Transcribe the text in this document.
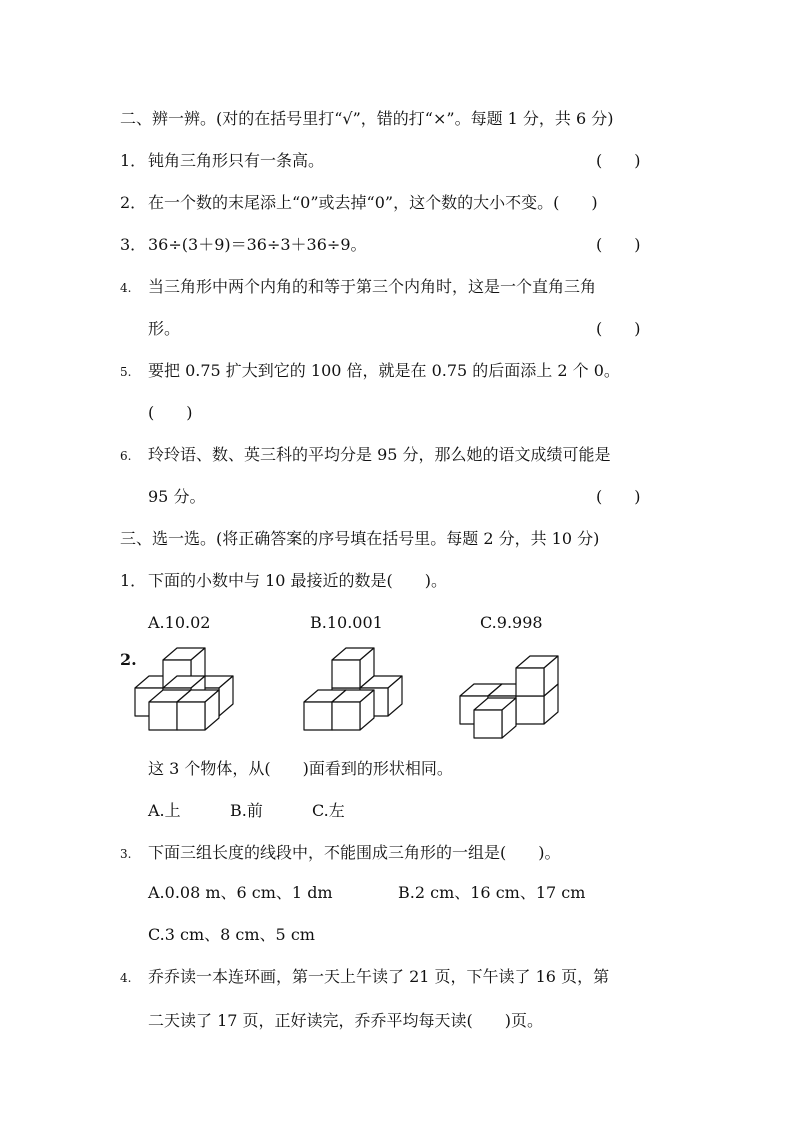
二、辨一辨。(对的在括号里打“√”，错的打“×”。每题 1 分，共 6 分)
1． 钝角三角形只有一条高。	(　　)
2． 在一个数的末尾添上“0”或去掉“0”，这个数的大小不变。(　　)
3． 36÷(3＋9)＝36÷3＋36÷9。	(　　)
4. 当三角形中两个内角的和等于第三个内角时，这是一个直角三角
形。	(　　)
5. 要把 0.75 扩大到它的 100 倍，就是在 0.75 的后面添上 2 个 0。
(　　)
6. 玲玲语、数、英三科的平均分是 95 分，那么她的语文成绩可能是
95 分。	(　　)
三、选一选。(将正确答案的序号填在括号里。每题 2 分，共 10 分)
1． 下面的小数中与 10 最接近的数是(　　)。
A.10.02	B.10.001	C.9.998
2.
这 3 个物体，从(　　)面看到的形状相同。
A.上	B.前	C.左
3. 下面三组长度的线段中，不能围成三角形的一组是(　　)。
A.0.08 m、6 cm、1 dm	B.2 cm、16 cm、17 cm
C.3 cm、8 cm、5 cm
4. 乔乔读一本连环画，第一天上午读了 21 页，下午读了 16 页，第
二天读了 17 页，正好读完，乔乔平均每天读(　　)页。
